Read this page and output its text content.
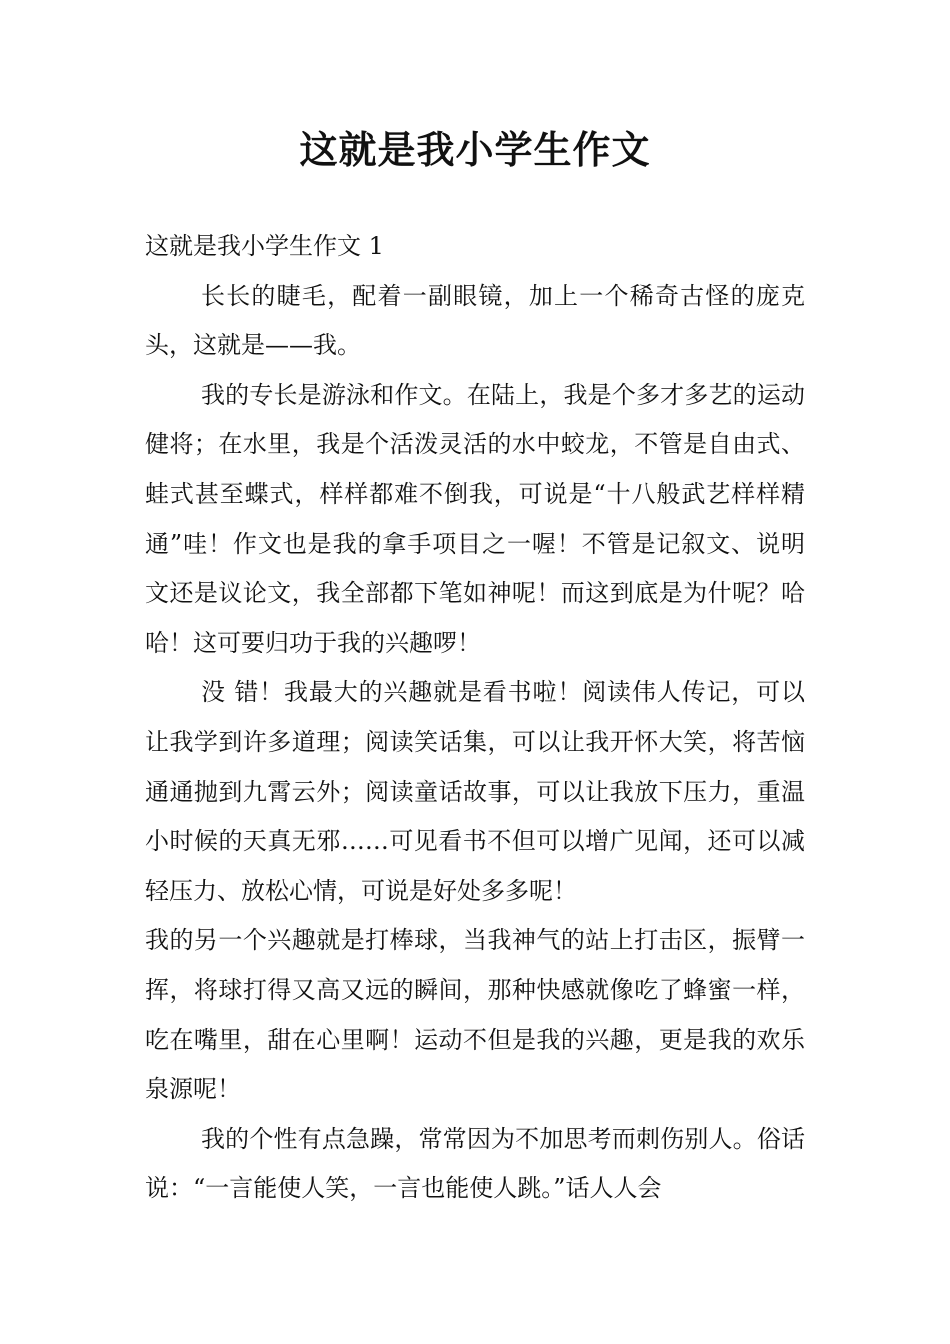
这就是我小学生作文

这就是我小学生作文 1

长长的睫毛，配着一副眼镜，加上一个稀奇古怪的庞克头，这就是——我。

我的专长是游泳和作文。在陆上，我是个多才多艺的运动健将；在水里，我是个活泼灵活的水中蛟龙，不管是自由式、蛙式甚至蝶式，样样都难不倒我，可说是“十八般武艺样样精通”哇！作文也是我的拿手项目之一喔！不管是记叙文、说明文还是议论文，我全部都下笔如神呢！而这到底是为什呢？哈哈！这可要归功于我的兴趣啰！

没 错！我最大的兴趣就是看书啦！阅读伟人传记，可以让我学到许多道理；阅读笑话集，可以让我开怀大笑，将苦恼通通抛到九霄云外；阅读童话故事，可以让我放下压力，重温小时候的天真无邪……可见看书不但可以增广见闻，还可以减轻压力、放松心情，可说是好处多多呢！

我的另一个兴趣就是打棒球，当我神气的站上打击区，振臂一挥，将球打得又高又远的瞬间，那种快感就像吃了蜂蜜一样，吃在嘴里，甜在心里啊！运动不但是我的兴趣，更是我的欢乐泉源呢！

我的个性有点急躁，常常因为不加思考而刺伤别人。俗话说：“一言能使人笑，一言也能使人跳。”话人人会
